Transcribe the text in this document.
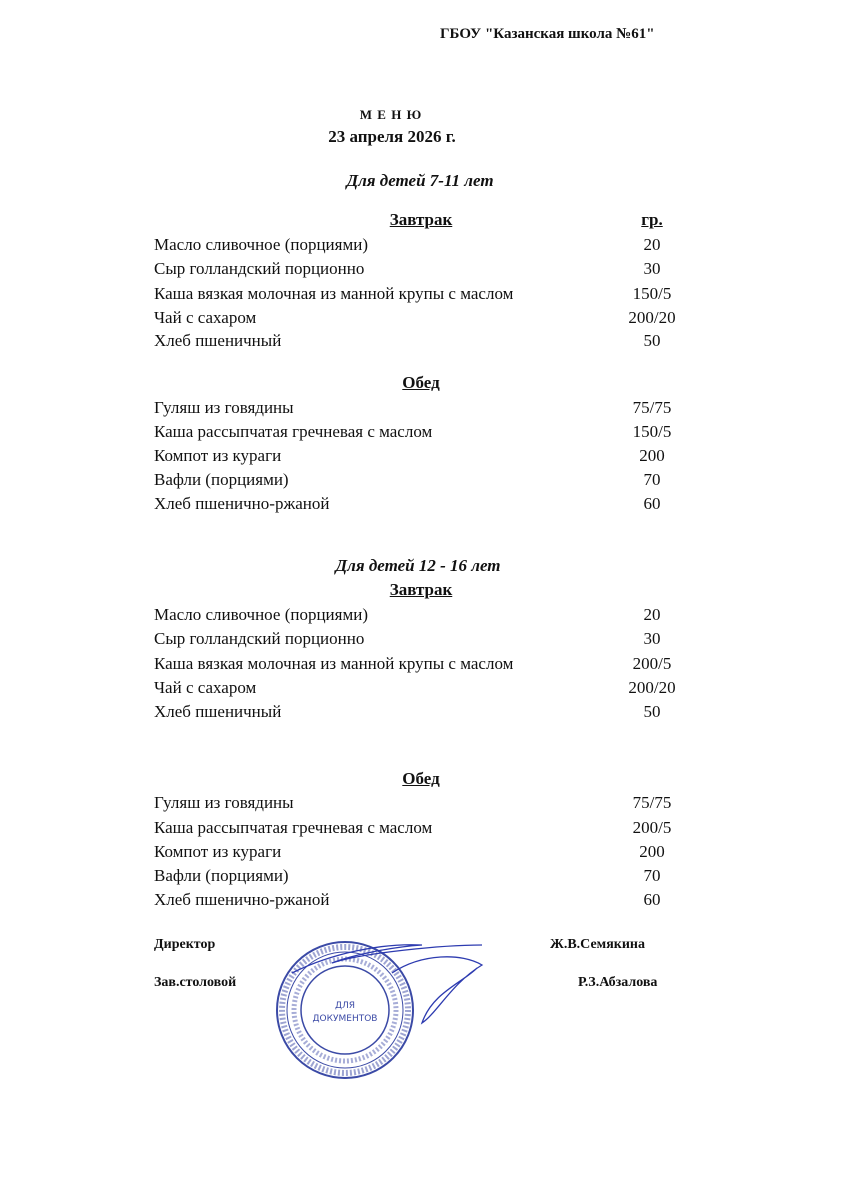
ГБОУ "Казанская школа №61"
М Е Н Ю
23 апреля 2026 г.
Для детей 7-11 лет
Завтрак	гр.
Масло сливочное (порциями)	20
Сыр голландский порционно	30
Каша вязкая молочная из манной крупы с маслом	150/5
Чай с сахаром	200/20
Хлеб пшеничный	50
Обед
Гуляш из говядины	75/75
Каша рассыпчатая гречневая с маслом	150/5
Компот из кураги	200
Вафли (порциями)	70
Хлеб пшенично-ржаной	60
Для детей 12 - 16 лет
Завтрак
Масло сливочное (порциями)	20
Сыр голландский порционно	30
Каша вязкая молочная из манной крупы с маслом	200/5
Чай с сахаром	200/20
Хлеб пшеничный	50
Обед
Гуляш из говядины	75/75
Каша рассыпчатая гречневая с маслом	200/5
Компот из кураги	200
Вафли (порциями)	70
Хлеб пшенично-ржаной	60
ДЛЯ
ДОКУМЕНТОВ
Директор	Ж.В.Семякина
Зав.столовой	Р.З.Абзалова
